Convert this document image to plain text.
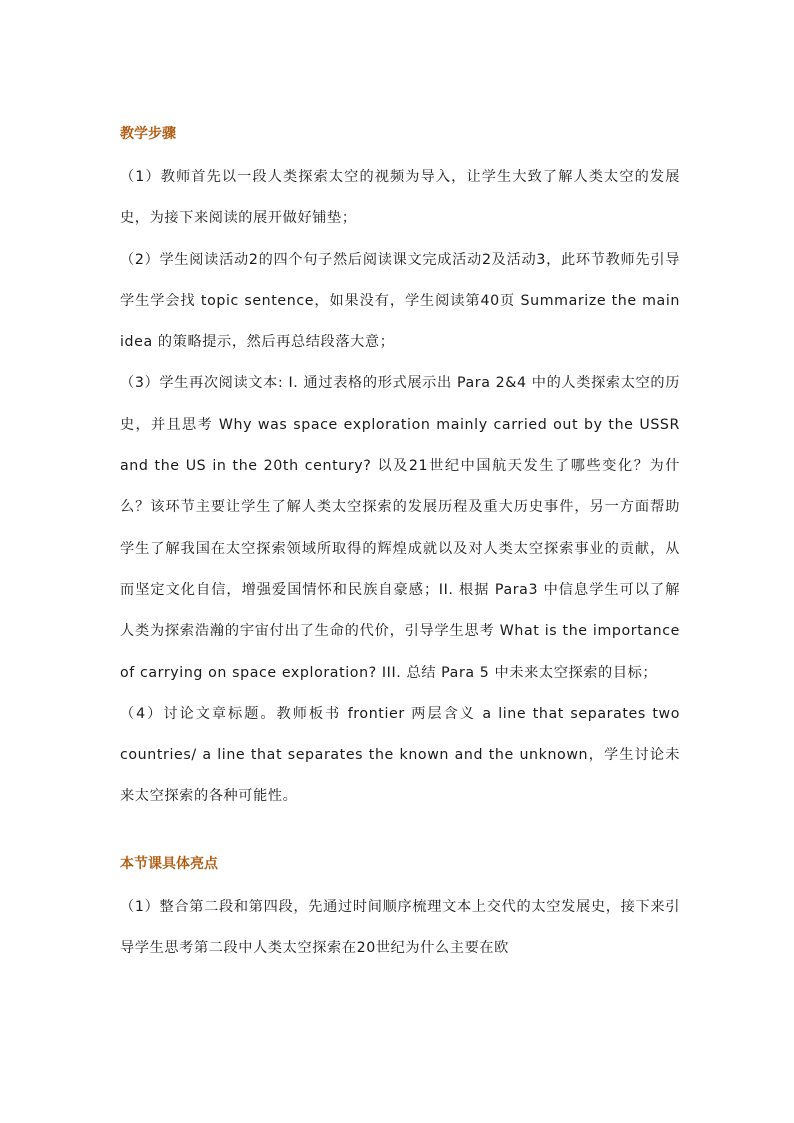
教学步骤

（1）教师首先以一段人类探索太空的视频为导入，让学生大致了解人类太空的发展史，为接下来阅读的展开做好铺垫；

（2）学生阅读活动2的四个句子然后阅读课文完成活动2及活动3，此环节教师先引导学生学会找 topic sentence，如果没有，学生阅读第40页 Summarize the main idea 的策略提示，然后再总结段落大意；

（3）学生再次阅读文本: I. 通过表格的形式展示出 Para 2&4 中的人类探索太空的历史，并且思考 Why was space exploration mainly carried out by the USSR and the US in the 20th century? 以及21世纪中国航天发生了哪些变化？为什么？该环节主要让学生了解人类太空探索的发展历程及重大历史事件，另一方面帮助学生了解我国在太空探索领域所取得的辉煌成就以及对人类太空探索事业的贡献，从而坚定文化自信，增强爱国情怀和民族自豪感；II. 根据 Para3 中信息学生可以了解人类为探索浩瀚的宇宙付出了生命的代价，引导学生思考 What is the importance of carrying on space exploration? III. 总结 Para 5 中未来太空探索的目标；

（4）讨论文章标题。教师板书 frontier 两层含义 a line that separates two countries/ a line that separates the known and the unknown，学生讨论未来太空探索的各种可能性。

本节课具体亮点

（1）整合第二段和第四段，先通过时间顺序梳理文本上交代的太空发展史，接下来引导学生思考第二段中人类太空探索在20世纪为什么主要在欧
